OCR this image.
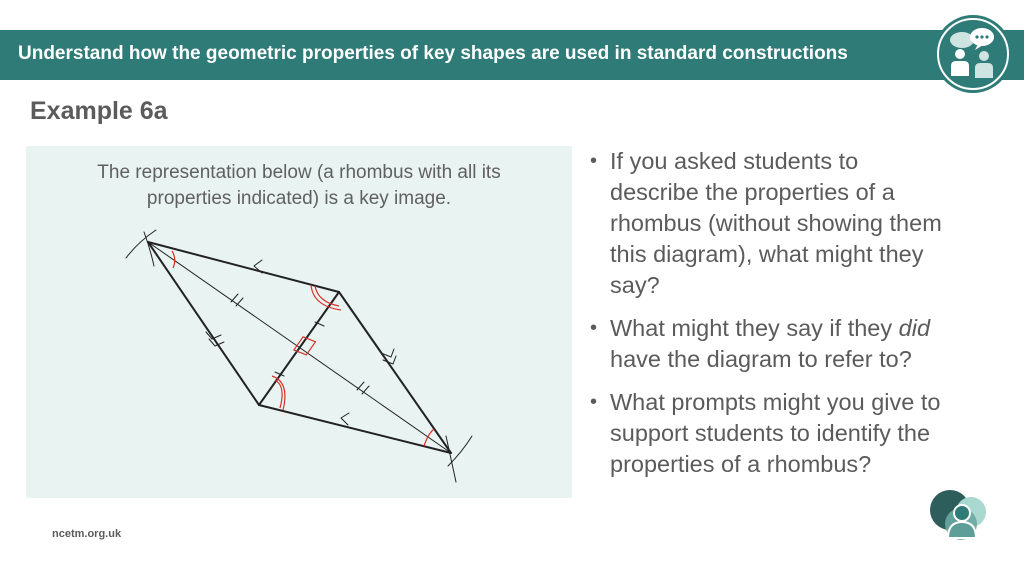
Understand how the geometric properties of key shapes are used in standard constructions
Example 6a
The representation below (a rhombus with all its
properties indicated) is a key image.
• If you asked students to
describe the properties of a
rhombus (without showing them
this diagram), what might they
say?
• What might they say if they did
have the diagram to refer to?
• What prompts might you give to
support students to identify the
properties of a rhombus?
ncetm.org.uk
